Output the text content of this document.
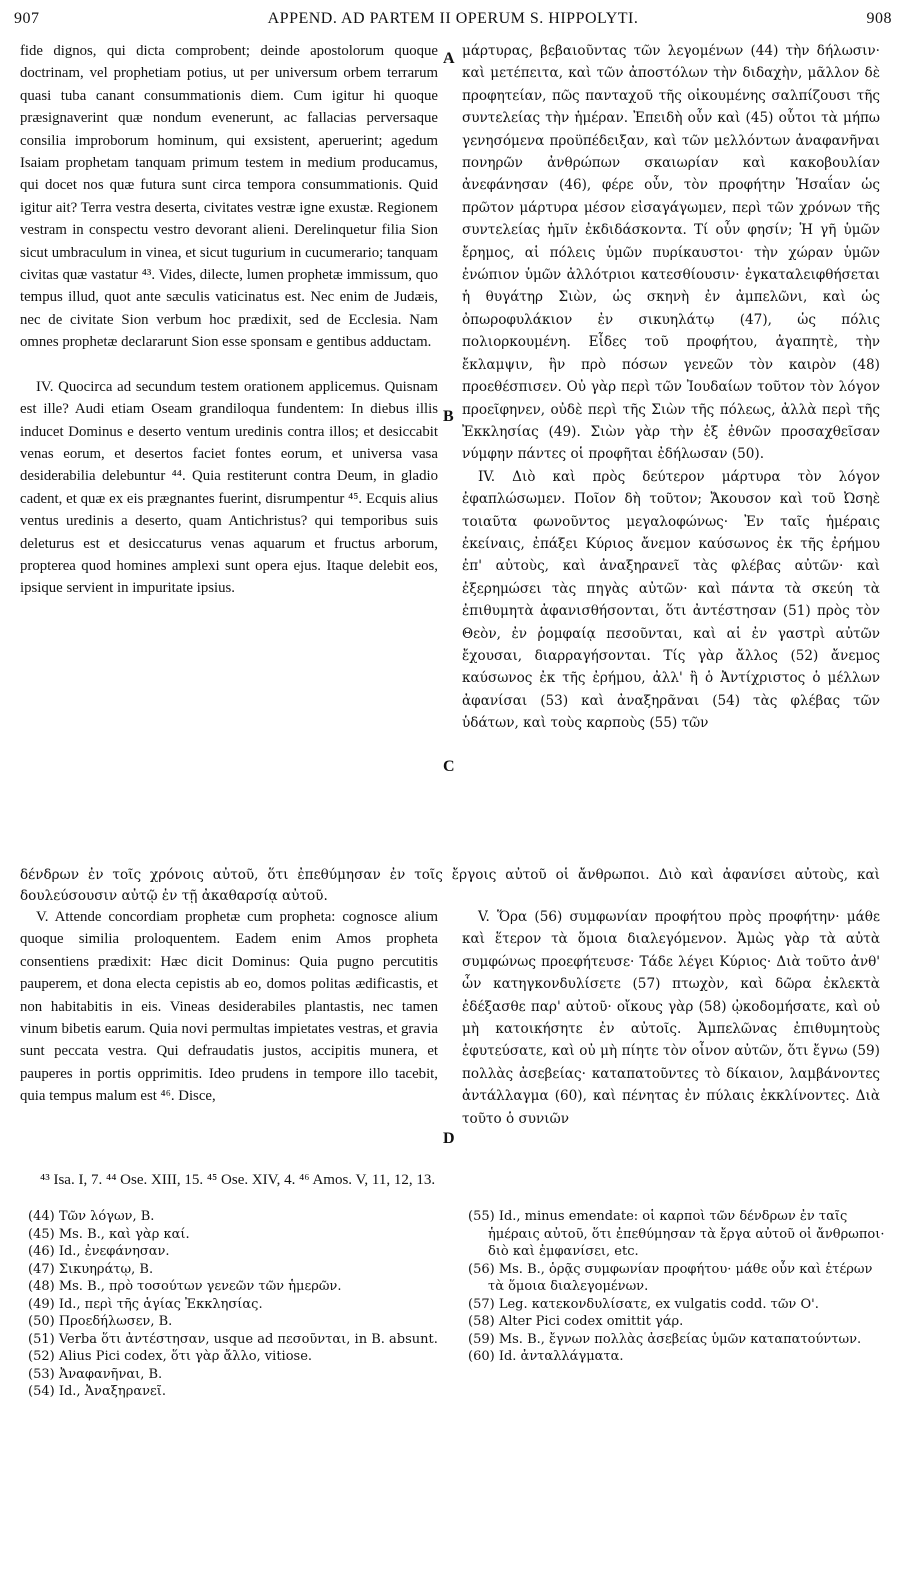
907	APPEND. AD PARTEM II OPERUM S. HIPPOLYTI.	908

fide dignos, qui dicta comprobent; deinde apostolorum quoque doctrinam, vel prophetiam potius, ut per universum orbem terrarum quasi tuba canant consummationis diem. Cum igitur hi quoque præsignaverint quæ nondum evenerunt, ac fallacias perversaque consilia improborum hominum, qui exsistent, aperuerint; agedum Isaiam prophetam tanquam primum testem in medium producamus, qui docet nos quæ futura sunt circa tempora consummationis. Quid igitur ait? Terra vestra deserta, civitates vestræ igne exustæ. Regionem vestram in conspectu vestro devorant alieni. Derelinquetur filia Sion sicut umbraculum in vinea, et sicut tugurium in cucumerario; tanquam civitas quæ vastatur ⁴³. Vides, dilecte, lumen prophetæ immissum, quo tempus illud, quot ante sæculis vaticinatus est. Nec enim de Judæis, nec de civitate Sion verbum hoc prædixit, sed de Ecclesia. Nam omnes prophetæ declararunt Sion esse sponsam e gentibus adductam.

IV. Quocirca ad secundum testem orationem applicemus. Quisnam est ille? Audi etiam Oseam grandiloqua fundentem: In diebus illis inducet Dominus e deserto ventum uredinis contra illos; et desiccabit venas eorum, et desertos faciet fontes eorum, et universa vasa desiderabilia delebuntur ⁴⁴. Quia restiterunt contra Deum, in gladio cadent, et quæ ex eis prægnantes fuerint, disrumpentur ⁴⁵. Ecquis alius ventus uredinis a deserto, quam Antichristus? qui temporibus suis deleturus est et desiccaturus venas aquarum et fructus arborum, propterea quod homines amplexi sunt opera ejus. Itaque delebit eos, ipsique servient in impuritate ipsius.

μάρτυρας, βεβαιοῦντας τῶν λεγομένων (44) τὴν δήλωσιν· καὶ μετέπειτα, καὶ τῶν ἀποστόλων τὴν διδαχὴν, μᾶλλον δὲ προφητείαν, πῶς πανταχοῦ τῆς οἰκουμένης σαλπίζουσι τῆς συντελείας τὴν ἡμέραν. Ἐπειδὴ οὖν καὶ (45) οὗτοι τὰ μήπω γενησόμενα προϋπέδειξαν, καὶ τῶν μελλόντων ἀναφανῆναι πονηρῶν ἀνθρώπων σκαιωρίαν καὶ κακοβουλίαν ἀνεφάνησαν (46), φέρε οὖν, τὸν προφήτην Ἡσαΐαν ὡς πρῶτον μάρτυρα μέσον εἰσαγάγωμεν, περὶ τῶν χρόνων τῆς συντελείας ἡμῖν ἐκδιδάσκοντα. Τί οὖν φησίν; Ἡ γῆ ὑμῶν ἔρημος, αἱ πόλεις ὑμῶν πυρίκαυστοι· τὴν χώραν ὑμῶν ἐνώπιον ὑμῶν ἀλλότριοι κατεσθίουσιν· ἐγκαταλειφθήσεται ἡ θυγάτηρ Σιὼν, ὡς σκηνὴ ἐν ἀμπελῶνι, καὶ ὡς ὀπωροφυλάκιον ἐν σικυηλάτῳ (47), ὡς πόλις πολιορκουμένη. Εἶδες τοῦ προφήτου, ἀγαπητὲ, τὴν ἔκλαμψιν, ἣν πρὸ πόσων γενεῶν τὸν καιρὸν (48) προεθέσπισεν. Οὐ γὰρ περὶ τῶν Ἰουδαίων τοῦτον τὸν λόγον προεῖφηνεν, οὐδὲ περὶ τῆς Σιὼν τῆς πόλεως, ἀλλὰ περὶ τῆς Ἐκκλησίας (49). Σιὼν γὰρ τὴν ἐξ ἐθνῶν προσαχθεῖσαν νύμφην πάντες οἱ προφῆται ἐδήλωσαν (50).

IV. Διὸ καὶ πρὸς δεύτερον μάρτυρα τὸν λόγον ἐφαπλώσωμεν. Ποῖον δὴ τοῦτον; Ἄκουσον καὶ τοῦ Ὠσηὲ τοιαῦτα φωνοῦντος μεγαλοφώνως· Ἐν ταῖς ἡμέραις ἐκείναις, ἐπάξει Κύριος ἄνεμον καύσωνος ἐκ τῆς ἐρήμου ἐπ' αὐτοὺς, καὶ ἀναξηρανεῖ τὰς φλέβας αὐτῶν· καὶ ἐξερημώσει τὰς πηγὰς αὐτῶν· καὶ πάντα τὰ σκεύη τὰ ἐπιθυμητὰ ἀφανισθήσονται, ὅτι ἀντέστησαν (51) πρὸς τὸν Θεὸν, ἐν ῥομφαίᾳ πεσοῦνται, καὶ αἱ ἐν γαστρὶ αὐτῶν ἔχουσαι, διαρραγήσονται. Τίς γὰρ ἄλλος (52) ἄνεμος καύσωνος ἐκ τῆς ἐρήμου, ἀλλ' ἢ ὁ Ἀντίχριστος ὁ μέλλων ἀφανίσαι (53) καὶ ἀναξηρᾶναι (54) τὰς φλέβας τῶν ὑδάτων, καὶ τοὺς καρποὺς (55) τῶν

A
B
C
D
δένδρων ἐν τοῖς χρόνοις αὐτοῦ, ὅτι ἐπεθύμησαν ἐν τοῖς ἔργοις αὐτοῦ οἱ ἄνθρωποι. Διὸ καὶ ἀφανίσει αὐτοὺς, καὶ δουλεύσουσιν αὐτῷ ἐν τῇ ἀκαθαρσίᾳ αὐτοῦ.

V. Attende concordiam prophetæ cum propheta: cognosce alium quoque similia proloquentem. Eadem enim Amos propheta consentiens prædixit: Hæc dicit Dominus: Quia pugno percutitis pauperem, et dona electa cepistis ab eo, domos politas ædificastis, et non habitabitis in eis. Vineas desiderabiles plantastis, nec tamen vinum bibetis earum. Quia novi permultas impietates vestras, et gravia sunt peccata vestra. Qui defraudatis justos, accipitis munera, et pauperes in portis opprimitis. Ideo prudens in tempore illo tacebit, quia tempus malum est ⁴⁶. Disce,

V. Ὅρα (56) συμφωνίαν προφήτου πρὸς προφήτην· μάθε καὶ ἕτερον τὰ ὅμοια διαλεγόμενον. Ἀμὼς γὰρ τὰ αὐτὰ συμφώνως προεφήτευσε· Τάδε λέγει Κύριος· Διὰ τοῦτο ἀνθ' ὧν κατηγκονδυλίσετε (57) πτωχὸν, καὶ δῶρα ἐκλεκτὰ ἐδέξασθε παρ' αὐτοῦ· οἴκους γὰρ (58) ᾠκοδομήσατε, καὶ οὐ μὴ κατοικήσητε ἐν αὐτοῖς. Ἀμπελῶνας ἐπιθυμητοὺς ἐφυτεύσατε, καὶ οὐ μὴ πίητε τὸν οἶνον αὐτῶν, ὅτι ἔγνω (59) πολλὰς ἀσεβείας· καταπατοῦντες τὸ δίκαιον, λαμβάνοντες ἀντάλλαγμα (60), καὶ πένητας ἐν πύλαις ἐκκλίνοντες. Διὰ τοῦτο ὁ συνιῶν

⁴³ Isa. I, 7. ⁴⁴ Ose. XIII, 15. ⁴⁵ Ose. XIV, 4. ⁴⁶ Amos. V, 11, 12, 13.

(44) Τῶν λόγων, B.

(45) Ms. B., καὶ γὰρ καί.

(46) Id., ἐνεφάνησαν.

(47) Σικυηράτῳ, B.

(48) Ms. B., πρὸ τοσούτων γενεῶν τῶν ἡμερῶν.

(49) Id., περὶ τῆς ἁγίας Ἐκκλησίας.

(50) Προεδήλωσεν, B.

(51) Verba ὅτι ἀντέστησαν, usque ad πεσοῦνται, in B. absunt.

(52) Alius Pici codex, ὅτι γὰρ ἄλλο, vitiose.

(53) Ἀναφανῆναι, B.

(54) Id., Ἀναξηρανεῖ.

(55) Id., minus emendate: οἱ καρποὶ τῶν δένδρων ἐν ταῖς ἡμέραις αὐτοῦ, ὅτι ἐπεθύμησαν τὰ ἔργα αὐτοῦ οἱ ἄνθρωποι· διὸ καὶ ἐμφανίσει, etc.

(56) Ms. B., ὁρᾷς συμφωνίαν προφήτου· μάθε οὖν καὶ ἑτέρων τὰ ὅμοια διαλεγομένων.

(57) Leg. κατεκονδυλίσατε, ex vulgatis codd. τῶν Ο'.

(58) Alter Pici codex omittit γάρ.

(59) Ms. B., ἔγνων πολλὰς ἀσεβείας ὑμῶν καταπατούντων.

(60) Id. ἀνταλλάγματα.
